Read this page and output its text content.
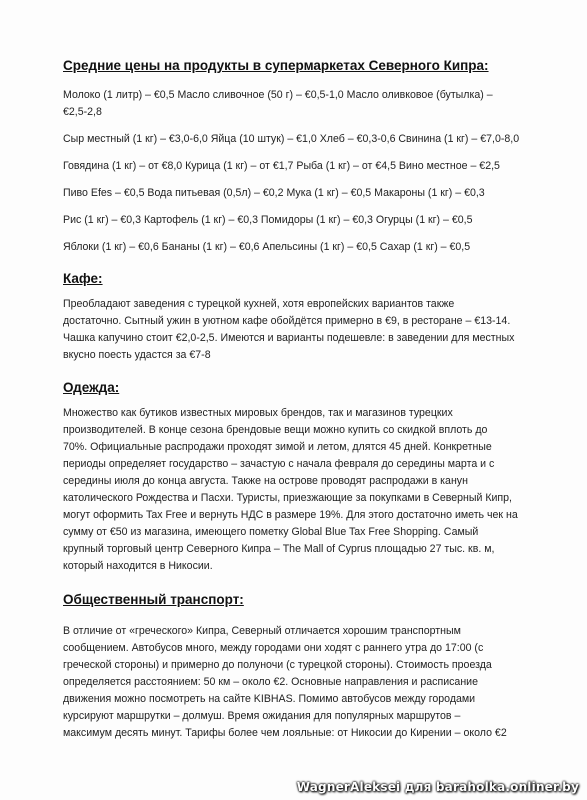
Средние цены на продукты в супермаркетах Северного Кипра:

Молоко (1 литр) – €0,5 Масло сливочное (50 г) – €0,5-1,0 Масло оливковое (бутылка) –

€2,5-2,8

Сыр местный (1 кг) – €3,0-6,0 Яйца (10 штук) – €1,0 Хлеб – €0,3-0,6 Свинина (1 кг) – €7,0-8,0

Говядина (1 кг) – от €8,0 Курица (1 кг) – от €1,7 Рыба (1 кг) – от €4,5 Вино местное – €2,5

Пиво Efes – €0,5 Вода питьевая (0,5л) – €0,2 Мука (1 кг) – €0,5 Макароны (1 кг) – €0,3

Рис (1 кг) – €0,3 Картофель (1 кг) – €0,3 Помидоры (1 кг) – €0,3 Огурцы (1 кг) – €0,5

Яблоки (1 кг) – €0,6 Бананы (1 кг) – €0,6 Апельсины (1 кг) – €0,5 Сахар (1 кг) – €0,5

Кафе:

Преобладают заведения с турецкой кухней, хотя европейских вариантов также

достаточно. Сытный ужин в уютном кафе обойдётся примерно в €9, в ресторане – €13-14.

Чашка капучино стоит €2,0-2,5. Имеются и варианты подешевле: в заведении для местных

вкусно поесть удастся за €7-8

Одежда:

Множество как бутиков известных мировых брендов, так и магазинов турецких

производителей. В конце сезона брендовые вещи можно купить со скидкой вплоть до

70%. Официальные распродажи проходят зимой и летом, длятся 45 дней. Конкретные

периоды определяет государство – зачастую с начала февраля до середины марта и с

середины июля до конца августа. Также на острове проводят распродажи в канун

католического Рождества и Пасхи. Туристы, приезжающие за покупками в Северный Кипр,

могут оформить Tax Free и вернуть НДС в размере 19%. Для этого достаточно иметь чек на

сумму от €50 из магазина, имеющего пометку Global Blue Tax Free Shopping. Самый

крупный торговый центр Северного Кипра – The Mall of Cyprus площадью 27 тыс. кв. м,

который находится в Никосии.

Общественный транспорт:

В отличие от «греческого» Кипра, Северный отличается хорошим транспортным

сообщением. Автобусов много, между городами они ходят с раннего утра до 17:00 (с

греческой стороны) и примерно до полуночи (с турецкой стороны). Стоимость проезда

определяется расстоянием: 50 км – около €2. Основные направления и расписание

движения можно посмотреть на сайте KIBHAS. Помимо автобусов между городами

курсируют маршрутки – долмуш. Время ожидания для популярных маршрутов –

максимум десять минут. Тарифы более чем лояльные: от Никосии до Кирении – около €2

WagnerAleksei для baraholka.onliner.by
